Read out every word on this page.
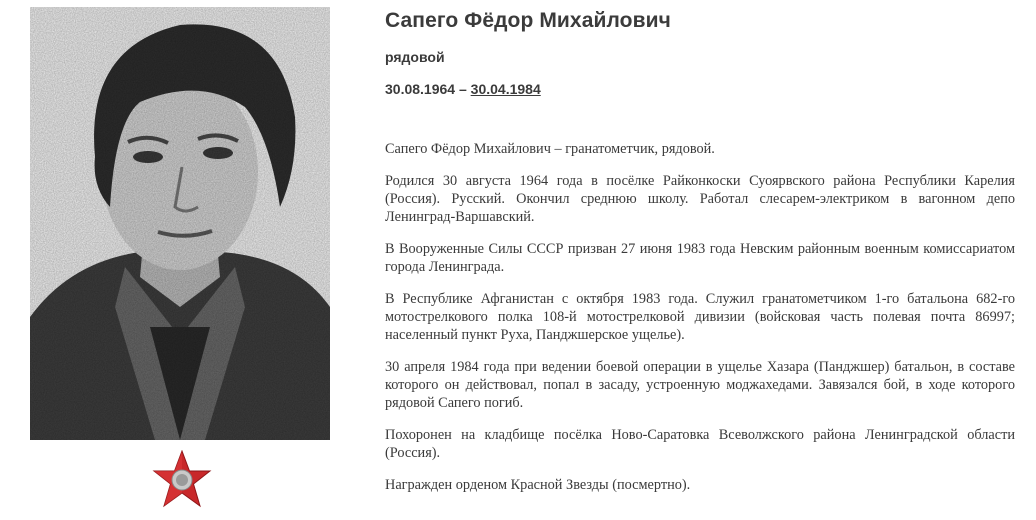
Сапего Фёдор Михайлович
рядовой
30.08.1964 – 30.04.1984

Сапего Фёдор Михайлович – гранатометчик, рядовой.

Родился 30 августа 1964 года в посёлке Райконкоски Суоярвского района Республики Карелия (Россия). Русский. Окончил среднюю школу. Работал слесарем-электриком в вагонном депо Ленинград-Варшавский.

В Вооруженные Силы СССР призван 27 июня 1983 года Невским районным военным комиссариатом города Ленинграда.

В Республике Афганистан с октября 1983 года. Служил гранатометчиком 1-го батальона 682-го мотострелкового полка 108-й мотострелковой дивизии (войсковая часть полевая почта 86997; населенный пункт Руха, Панджшерское ущелье).

30 апреля 1984 года при ведении боевой операции в ущелье Хазара (Панджшер) батальон, в составе которого он действовал, попал в засаду, устроенную моджахедами. Завязался бой, в ходе которого рядовой Сапего погиб.

Похоронен на кладбище посёлка Ново-Саратовка Всеволжского района Ленинградской области (Россия).

Награжден орденом Красной Звезды (посмертно).
